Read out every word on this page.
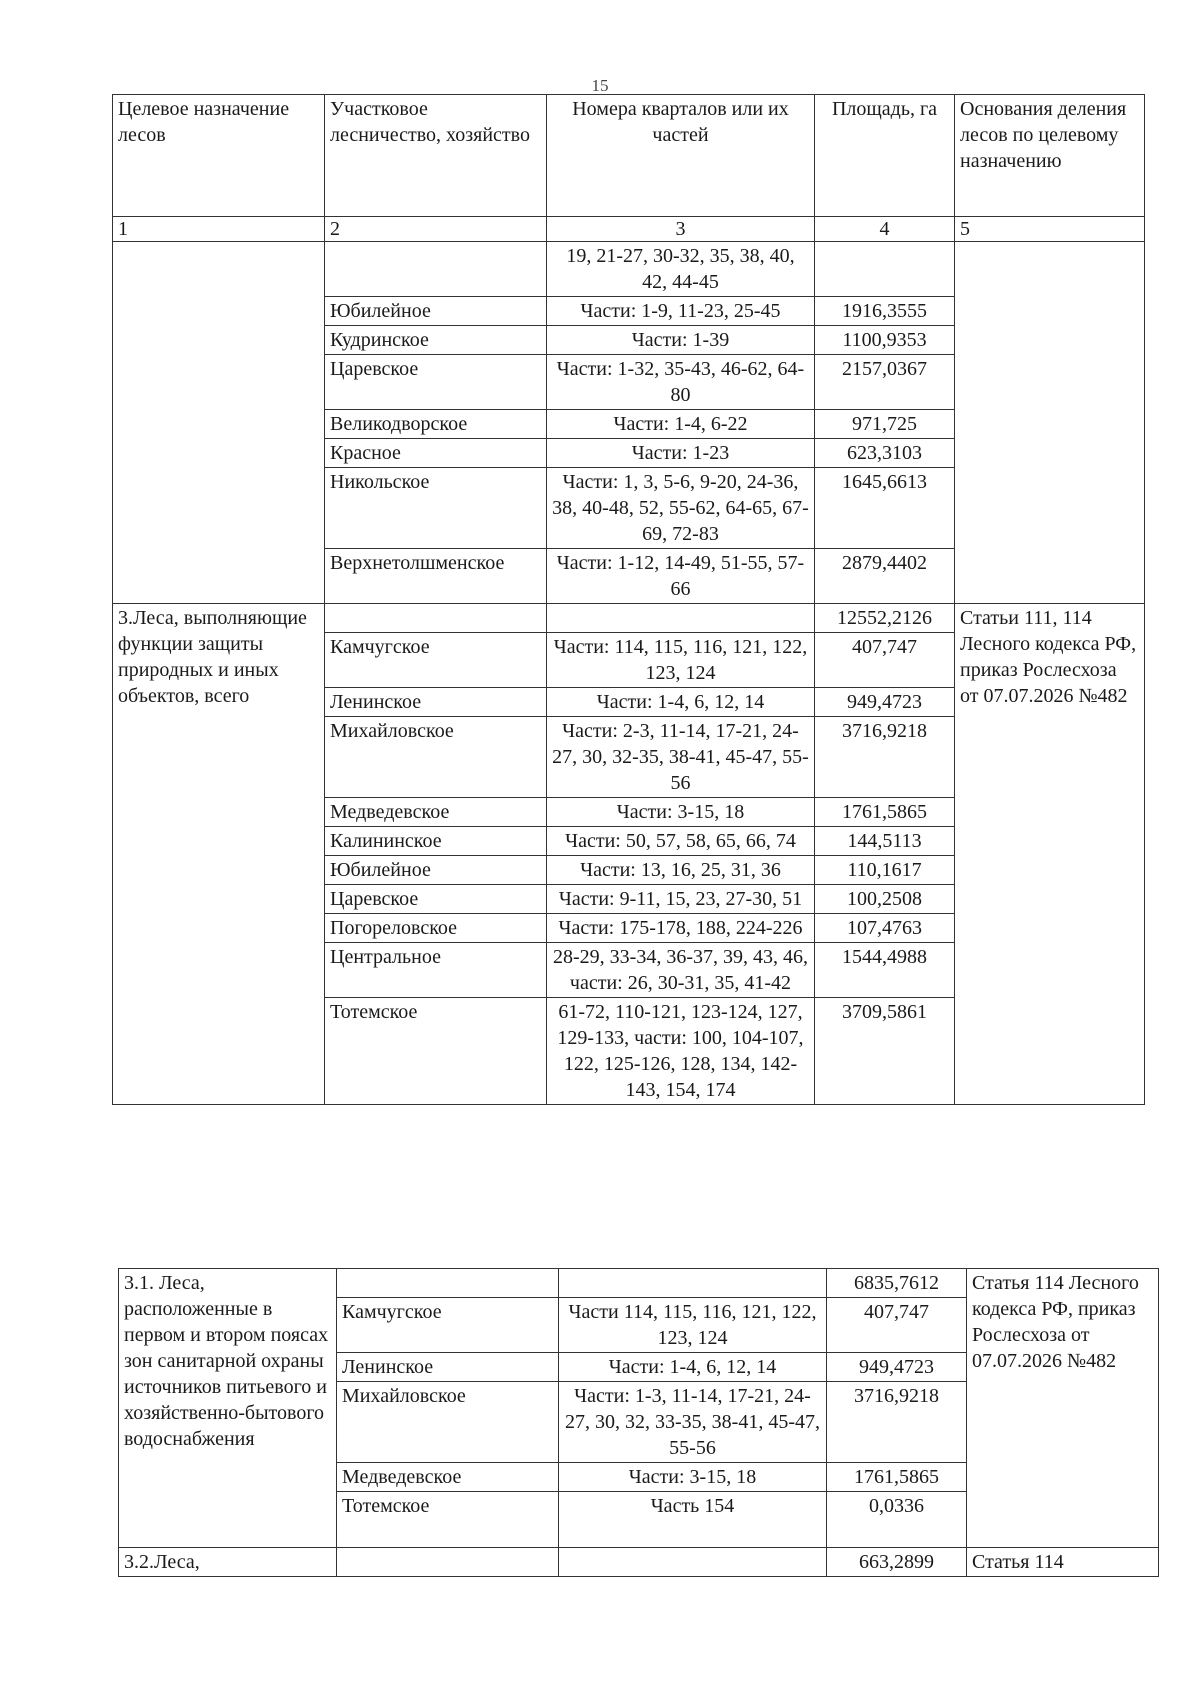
15
Целевое назначение лесов	Участковое лесничество, хозяйство	Номера кварталов или их частей	Площадь, га	Основания деления лесов по целевому назначению
1	2	3	4	5
		19, 21-27, 30-32, 35, 38, 40, 42, 44-45		
	Юбилейное	Части: 1-9, 11-23, 25-45	1916,3555	
	Кудринское	Части: 1-39	1100,9353	
	Царевское	Части: 1-32, 35-43, 46-62, 64-80	2157,0367	
	Великодворское	Части: 1-4, 6-22	971,725	
	Красное	Части: 1-23	623,3103	
	Никольское	Части: 1, 3, 5-6, 9-20, 24-36, 38, 40-48, 52, 55-62, 64-65, 67-69, 72-83	1645,6613	
	Верхнетолшменское	Части: 1-12, 14-49, 51-55, 57-66	2879,4402	
3.Леса, выполняющие функции защиты природных и иных объектов, всего			12552,2126	Статьи 111, 114 Лесного кодекса РФ, приказ Рослесхоза от 07.07.2026 №482
	Камчугское	Части: 114, 115, 116, 121, 122, 123, 124	407,747	
	Ленинское	Части: 1-4, 6, 12, 14	949,4723	
	Михайловское	Части: 2-3, 11-14, 17-21, 24-27, 30, 32-35, 38-41, 45-47, 55-56	3716,9218	
	Медведевское	Части: 3-15, 18	1761,5865	
	Калининское	Части: 50, 57, 58, 65, 66, 74	144,5113	
	Юбилейное	Части: 13, 16, 25, 31, 36	110,1617	
	Царевское	Части: 9-11, 15, 23, 27-30, 51	100,2508	
	Погореловское	Части: 175-178, 188, 224-226	107,4763	
	Центральное	28-29, 33-34, 36-37, 39, 43, 46, части: 26, 30-31, 35, 41-42	1544,4988	
	Тотемское	61-72, 110-121, 123-124, 127, 129-133, части: 100, 104-107, 122, 125-126, 128, 134, 142-143, 154, 174	3709,5861	
3.1. Леса, расположенные в первом и втором поясах зон санитарной охраны источников питьевого и хозяйственно-бытового водоснабжения			6835,7612	Статья 114 Лесного кодекса РФ, приказ Рослесхоза от 07.07.2026 №482
	Камчугское	Части 114, 115, 116, 121, 122, 123, 124	407,747	
	Ленинское	Части: 1-4, 6, 12, 14	949,4723	
	Михайловское	Части: 1-3, 11-14, 17-21, 24-27, 30, 32, 33-35, 38-41, 45-47, 55-56	3716,9218	
	Медведевское	Части: 3-15, 18	1761,5865	
	Тотемское	Часть 154	0,0336	
3.2.Леса,			663,2899	Статья 114
